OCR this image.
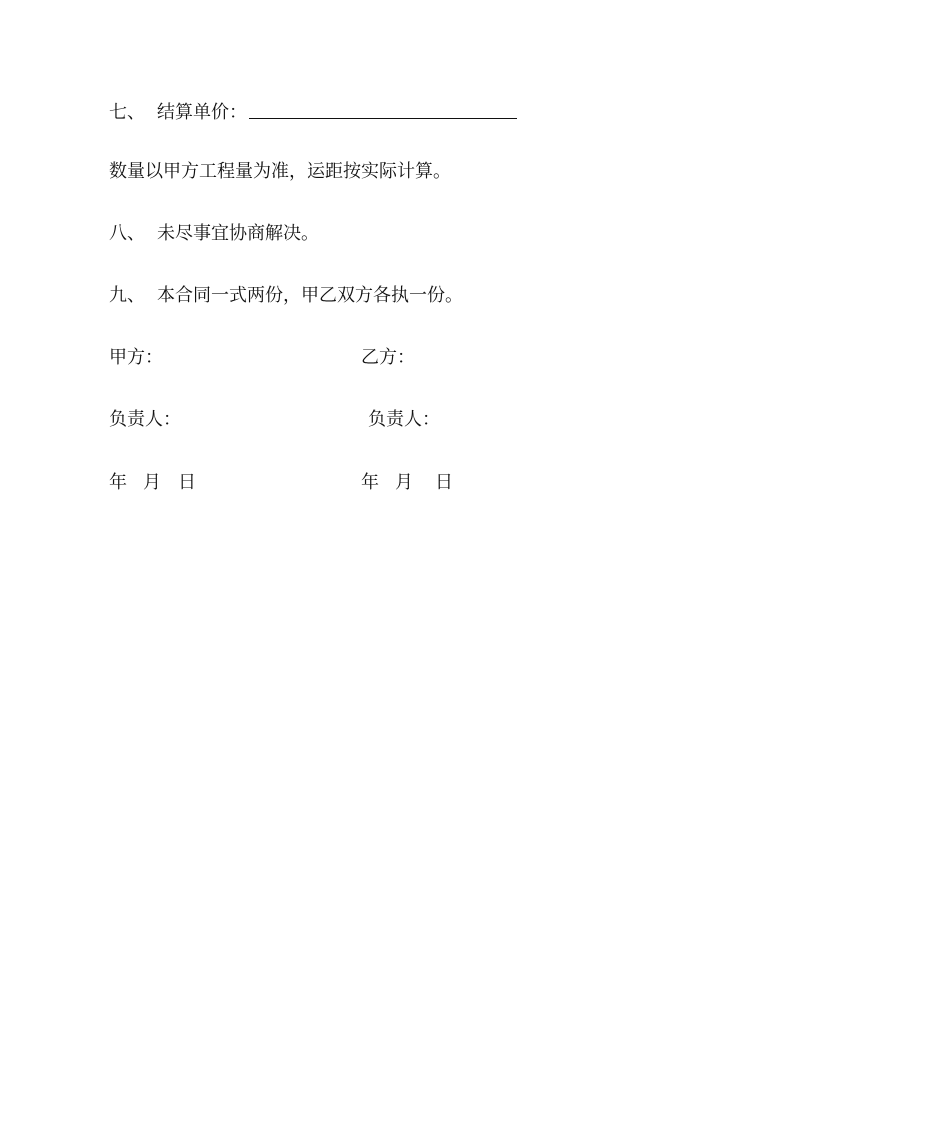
七、 结算单价：
数量以甲方工程量为准，运距按实际计算。
八、 未尽事宜协商解决。
九、 本合同一式两份，甲乙双方各执一份。
甲方：	乙方：
负责人：	负责人：
年 月 日	年 月 日
